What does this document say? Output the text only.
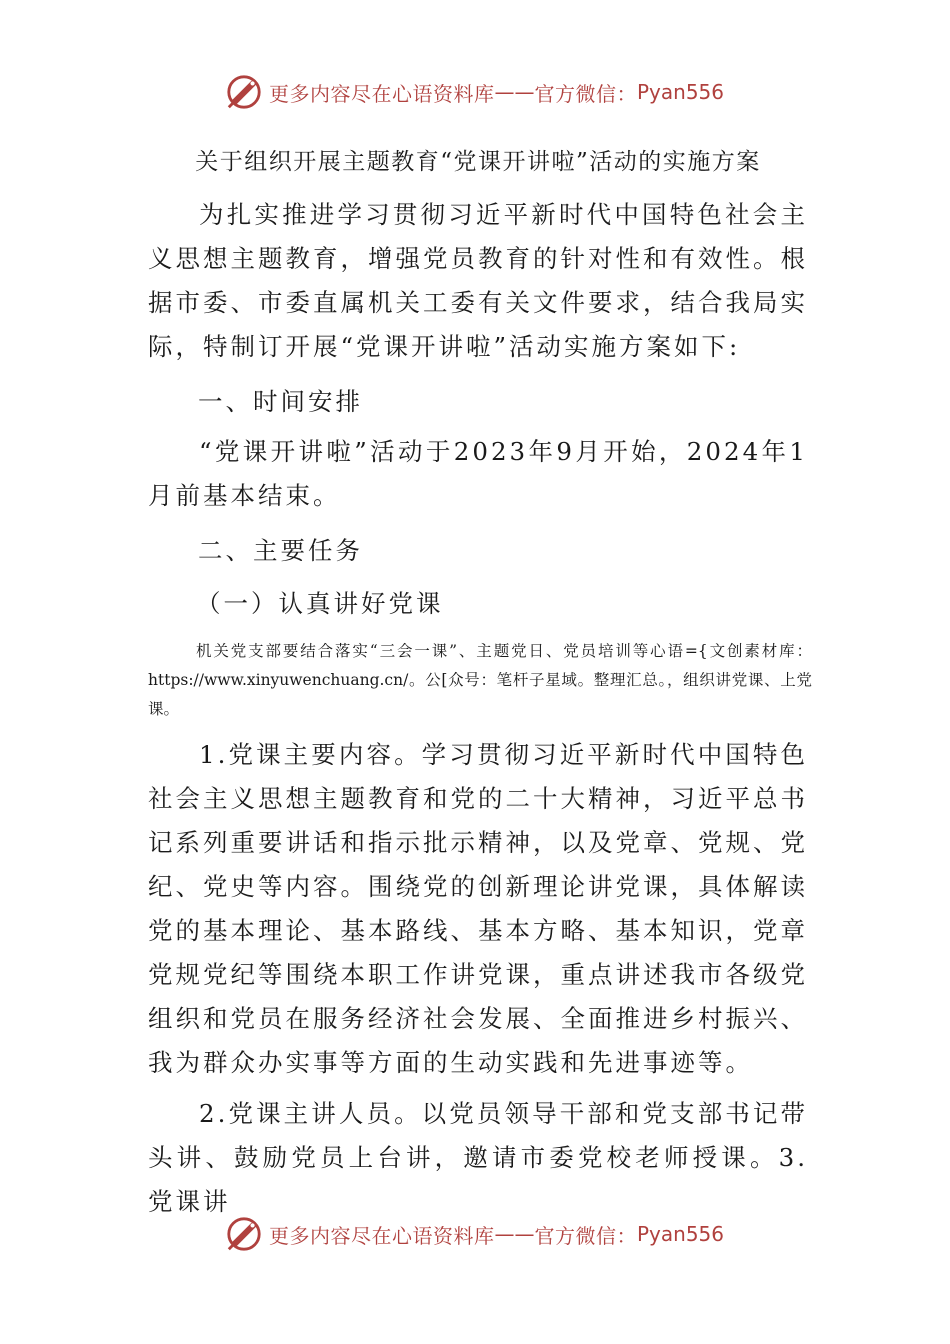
更多内容尽在心语资料库 —— 官方微信： Pyan556
关于组织开展主题教育“党课开讲啦”活动的实施方案
为扎实推进学习贯彻习近平新时代中国特色社会主义思想主题教育，增强党员教育的针对性和有效性。根据市委、市委直属机关工委有关文件要求，结合我局实际，特制订开展“党课开讲啦”活动实施方案如下:
一、时间安排
“党课开讲啦”活动于2023年9月开始，2024年1月前基本结束。
二、主要任务
（一）认真讲好党课
机关党支部要结合落实“三会一课”、主题党日、党员培训等心语={文创素材库：https://www.xinyuwenchuang.cn/。公[众号：笔杆子星域。整理汇总。，组织讲党课、上党课。
1.党课主要内容。学习贯彻习近平新时代中国特色社会主义思想主题教育和党的二十大精神，习近平总书记系列重要讲话和指示批示精神，以及党章、党规、党纪、党史等内容。围绕党的创新理论讲党课，具体解读党的基本理论、基本路线、基本方略、基本知识，党章党规党纪等围绕本职工作讲党课，重点讲述我市各级党组织和党员在服务经济社会发展、全面推进乡村振兴、我为群众办实事等方面的生动实践和先进事迹等。
2.党课主讲人员。以党员领导干部和党支部书记带头讲、鼓励党员上台讲，邀请市委党校老师授课。3.党课讲
更多内容尽在心语资料库 —— 官方微信： Pyan556
